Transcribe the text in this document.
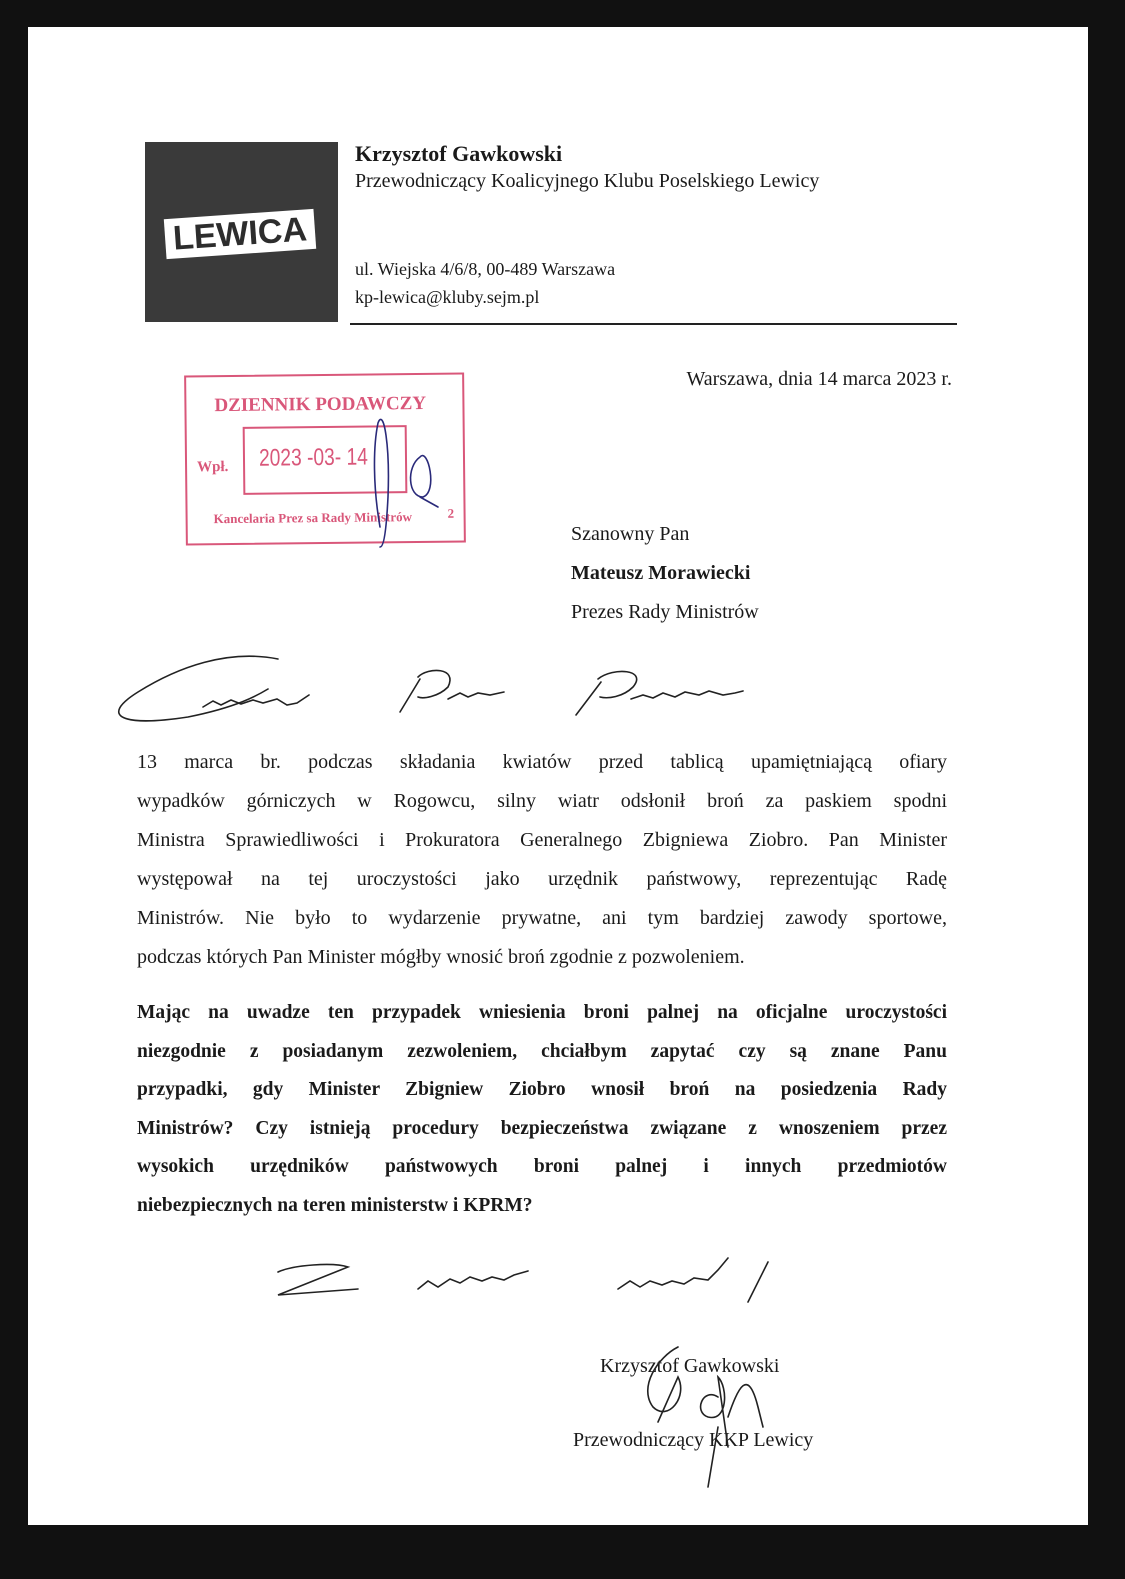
LEWICA
Krzysztof Gawkowski
Przewodniczący Koalicyjnego Klubu Poselskiego Lewicy
ul. Wiejska 4/6/8, 00-489 Warszawa
kp-lewica@kluby.sejm.pl
Warszawa, dnia 14 marca 2023 r.
DZIENNIK PODAWCZY
Wpł. 2023 -03- 14
Kancelaria Prez sa Rady Ministrów	2
Szanowny Pan
Mateusz Morawiecki
Prezes Rady Ministrów
13 marca br. podczas składania kwiatów przed tablicą upamiętniającą ofiary
wypadków górniczych w Rogowcu, silny wiatr odsłonił broń za paskiem spodni
Ministra Sprawiedliwości i Prokuratora Generalnego Zbigniewa Ziobro. Pan Minister
występował na tej uroczystości jako urzędnik państwowy, reprezentując Radę
Ministrów. Nie było to wydarzenie prywatne, ani tym bardziej zawody sportowe,
podczas których Pan Minister mógłby wnosić broń zgodnie z pozwoleniem.
Mając na uwadze ten przypadek wniesienia broni palnej na oficjalne uroczystości
niezgodnie z posiadanym zezwoleniem, chciałbym zapytać czy są znane Panu
przypadki, gdy Minister Zbigniew Ziobro wnosił broń na posiedzenia Rady
Ministrów? Czy istnieją procedury bezpieczeństwa związane z wnoszeniem przez
wysokich urzędników państwowych broni palnej i innych przedmiotów
niebezpiecznych na teren ministerstw i KPRM?
Krzysztof Gawkowski
Przewodniczący KKP Lewicy
